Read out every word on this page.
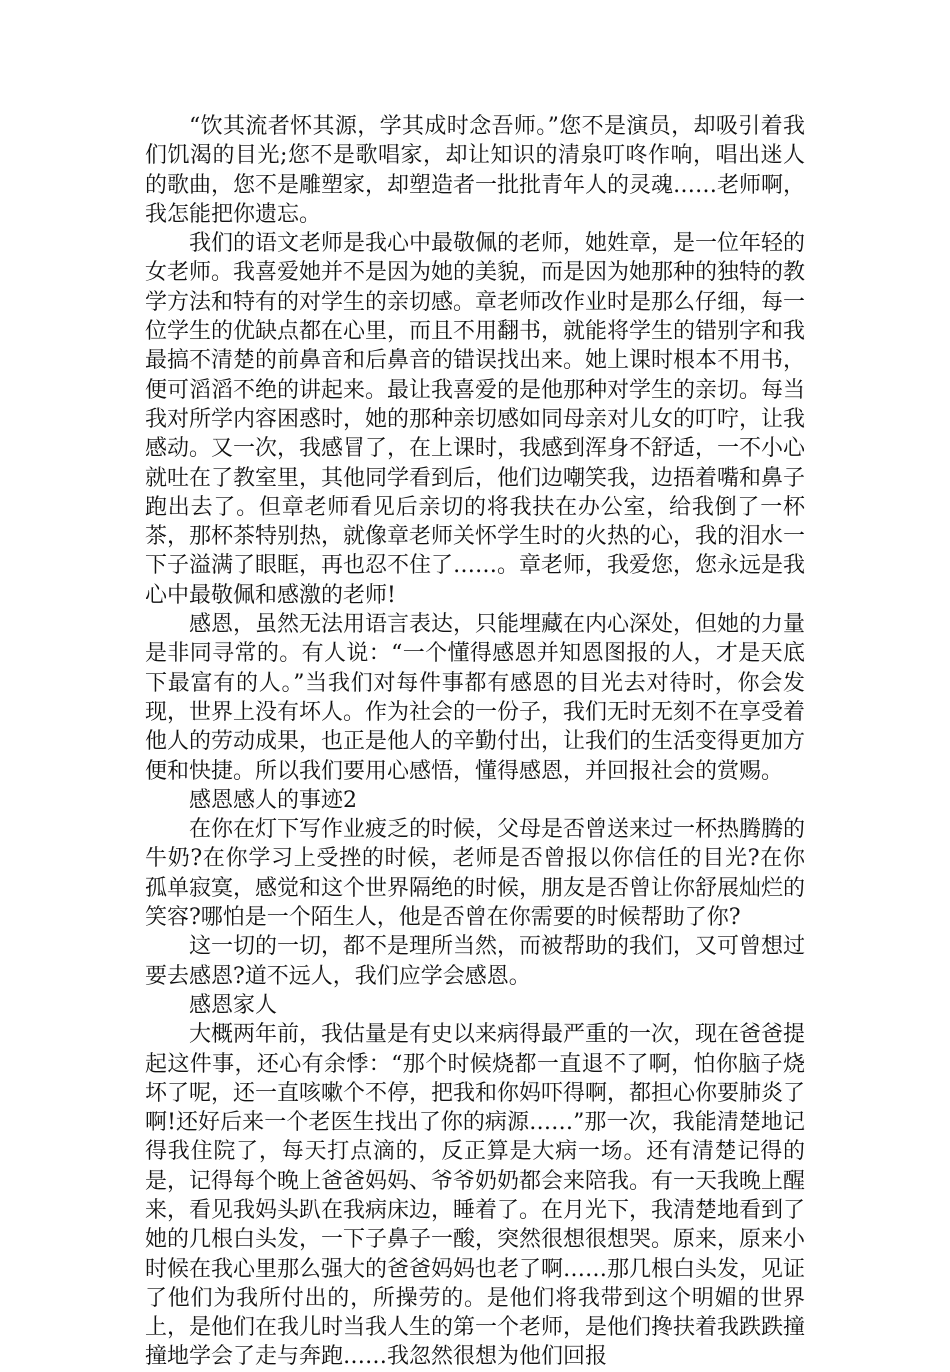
“饮其流者怀其源，学其成时念吾师。”您不是演员，却吸引着我们饥渴的目光;您不是歌唱家，却让知识的清泉叮咚作响，唱出迷人的歌曲，您不是雕塑家，却塑造者一批批青年人的灵魂……老师啊，我怎能把你遗忘。

我们的语文老师是我心中最敬佩的老师，她姓章，是一位年轻的女老师。我喜爱她并不是因为她的美貌，而是因为她那种的独特的教学方法和特有的对学生的亲切感。章老师改作业时是那么仔细，每一位学生的优缺点都在心里，而且不用翻书，就能将学生的错别字和我最搞不清楚的前鼻音和后鼻音的错误找出来。她上课时根本不用书，便可滔滔不绝的讲起来。最让我喜爱的是他那种对学生的亲切。每当我对所学内容困惑时，她的那种亲切感如同母亲对儿女的叮咛，让我感动。又一次，我感冒了，在上课时，我感到浑身不舒适，一不小心就吐在了教室里，其他同学看到后，他们边嘲笑我，边捂着嘴和鼻子跑出去了。但章老师看见后亲切的将我扶在办公室，给我倒了一杯茶，那杯茶特别热，就像章老师关怀学生时的火热的心，我的泪水一下子溢满了眼眶，再也忍不住了……。章老师，我爱您，您永远是我心中最敬佩和感激的老师!

感恩，虽然无法用语言表达，只能埋藏在内心深处，但她的力量是非同寻常的。有人说：“一个懂得感恩并知恩图报的人，才是天底下最富有的人。”当我们对每件事都有感恩的目光去对待时，你会发现，世界上没有坏人。作为社会的一份子，我们无时无刻不在享受着他人的劳动成果，也正是他人的辛勤付出，让我们的生活变得更加方便和快捷。所以我们要用心感悟，懂得感恩，并回报社会的赏赐。

感恩感人的事迹2

在你在灯下写作业疲乏的时候，父母是否曾送来过一杯热腾腾的牛奶?在你学习上受挫的时候，老师是否曾报以你信任的目光?在你孤单寂寞，感觉和这个世界隔绝的时候，朋友是否曾让你舒展灿烂的笑容?哪怕是一个陌生人，他是否曾在你需要的时候帮助了你?

这一切的一切，都不是理所当然，而被帮助的我们，又可曾想过要去感恩?道不远人，我们应学会感恩。

感恩家人

大概两年前，我估量是有史以来病得最严重的一次，现在爸爸提起这件事，还心有余悸：“那个时候烧都一直退不了啊，怕你脑子烧坏了呢，还一直咳嗽个不停，把我和你妈吓得啊，都担心你要肺炎了啊!还好后来一个老医生找出了你的病源……”那一次，我能清楚地记得我住院了，每天打点滴的，反正算是大病一场。还有清楚记得的是，记得每个晚上爸爸妈妈、爷爷奶奶都会来陪我。有一天我晚上醒来，看见我妈头趴在我病床边，睡着了。在月光下，我清楚地看到了她的几根白头发，一下子鼻子一酸，突然很想很想哭。原来，原来小时候在我心里那么强大的爸爸妈妈也老了啊……那几根白头发，见证了他们为我所付出的，所操劳的。是他们将我带到这个明媚的世界上，是他们在我儿时当我人生的第一个老师，是他们搀扶着我跌跌撞撞地学会了走与奔跑……我忽然很想为他们回报
